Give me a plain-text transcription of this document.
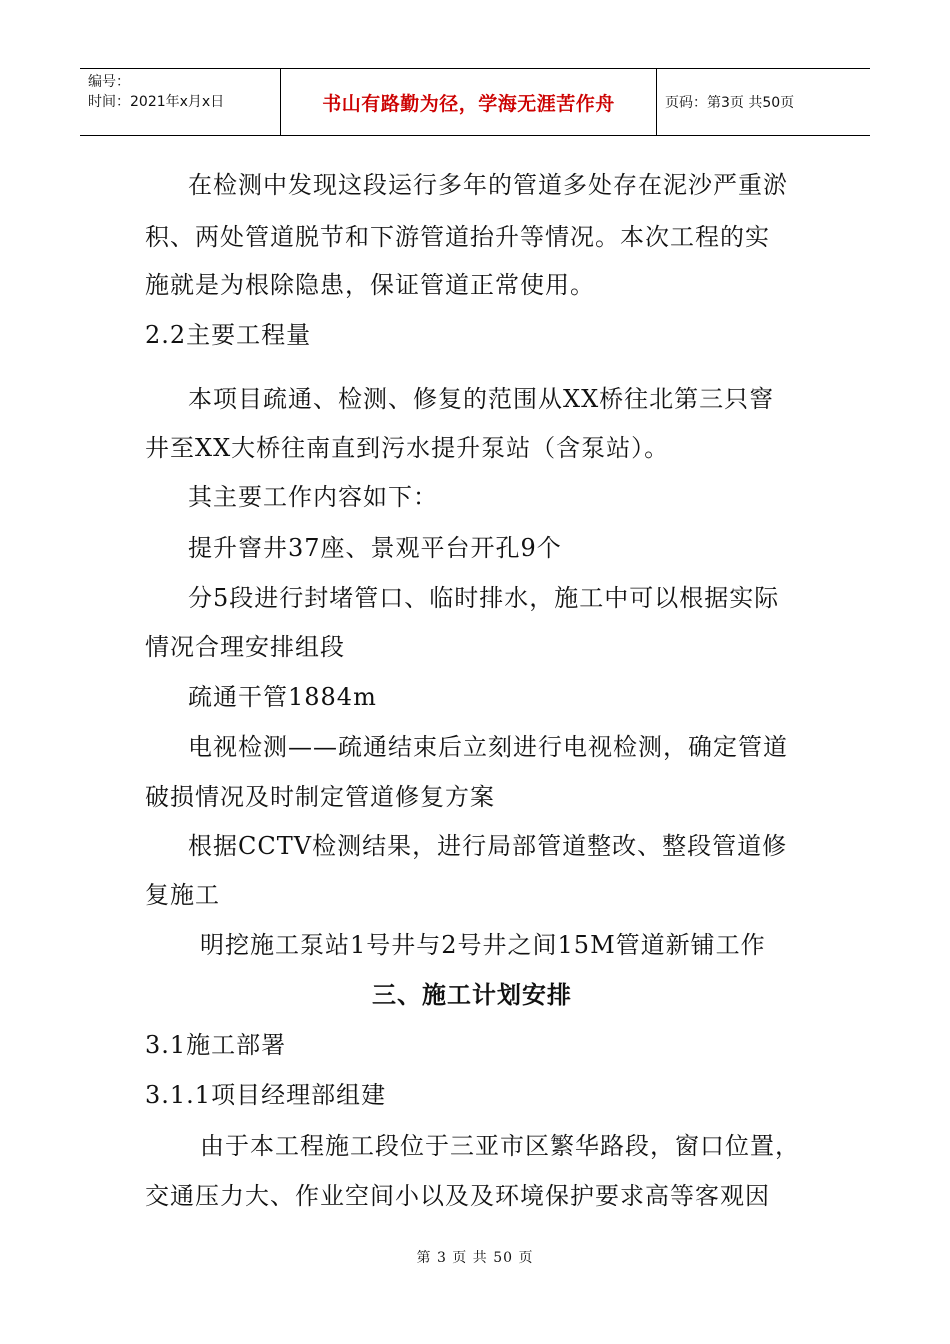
编号：
时间：2021年x月x日	书山有路勤为径，学海无涯苦作舟	页码：第3页 共50页
在检测中发现这段运行多年的管道多处存在泥沙严重淤
积、两处管道脱节和下游管道抬升等情况。本次工程的实
施就是为根除隐患，保证管道正常使用。
2.2主要工程量
本项目疏通、检测、修复的范围从XX桥往北第三只窨
井至XX大桥往南直到污水提升泵站（含泵站）。
其主要工作内容如下：
提升窨井37座、景观平台开孔9个
分5段进行封堵管口、临时排水，施工中可以根据实际
情况合理安排组段
疏通干管1884m
电视检测——疏通结束后立刻进行电视检测，确定管道
破损情况及时制定管道修复方案
根据CCTV检测结果，进行局部管道整改、整段管道修
复施工
明挖施工泵站1号井与2号井之间15M管道新铺工作
三、施工计划安排
3.1施工部署
3.1.1项目经理部组建
由于本工程施工段位于三亚市区繁华路段，窗口位置，
交通压力大、作业空间小以及及环境保护要求高等客观因
第 3 页 共 50 页
